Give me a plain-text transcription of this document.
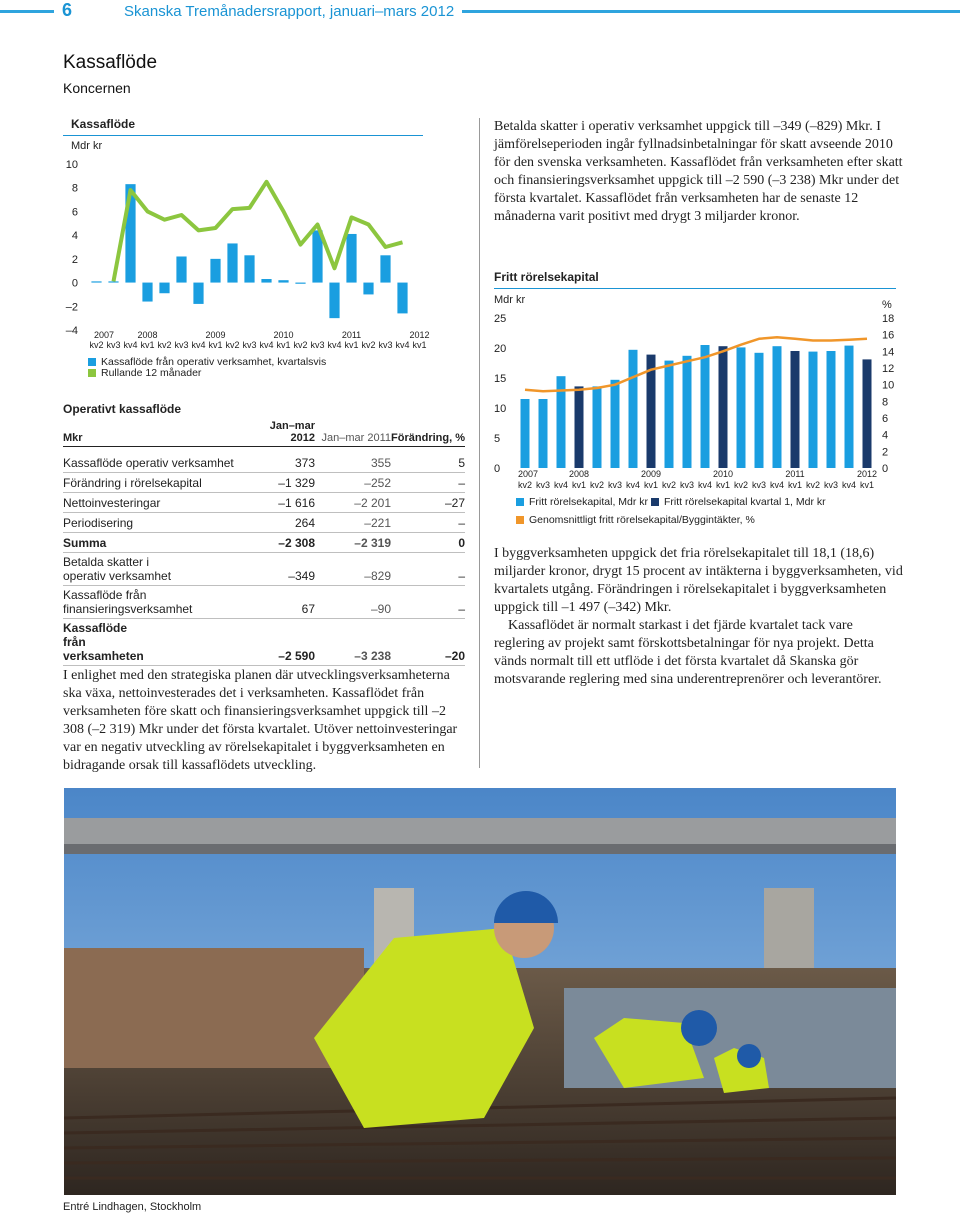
6	Skanska Tremånadersrapport, januari–mars 2012
Kassaflöde
Koncernen
Kassaflöde
Mdr kr
10
8
6
4
2
0
–2
–4 2007	2008	2009	2010	2011	2012
kv2 kv3 kv4 kv1 kv2 kv3 kv4 kv1 kv2 kv3 kv4 kv1 kv2 kv3 kv4 kv1 kv2 kv3 kv4 kv1
Kassaflöde från operativ verksamhet, kvartalsvis
Rullande 12 månader
Operativt kassaflöde
Mkr
Jan–mar 2012 Jan–mar 2011 Förändring, %
Kassaflöde operativ verksamhet	373	355	5
Förändring i rörelsekapital	–1 329	–252	–
Nettoinvesteringar	–1 616	–2 201	–27
Periodisering	264	–221	–
Summa	–2 308	–2 319	0
Betalda skatter i operativ verksamhet	–349	–829	–
Kassaflöde från finansieringsverksamhet	67	–90	–
Kassaflöde från verksamheten	–2 590	–3 238	–20
I enlighet med den strategiska planen där utvecklingsverksamheterna ska växa, nettoinvesterades det i verksamheten. Kassaflödet från verksamheten före skatt och finansieringsverksamhet uppgick till –2 308 (–2 319) Mkr under det första kvartalet. Utöver nettoinvesteringar var en negativ utveckling av rörelsekapitalet i byggverksamheten en bidragande orsak till kassaflödets utveckling.
Betalda skatter i operativ verksamhet uppgick till –349 (–829) Mkr. I jämförelseperioden ingår fyllnadsinbetalningar för skatt avseende 2010 för den svenska verksamheten. Kassaflödet från verksamheten efter skatt och finansieringsverksamhet uppgick till –2 590 (–3 238) Mkr under det första kvartalet. Kassaflödet från verksamheten har de senaste 12 månaderna varit positivt med drygt 3 miljarder kronor.
Fritt rörelsekapital
Mdr kr
25
20
15
10
5
0
%
18
16
14
12
10
8
6
4
2
0
2007	2008	2009	2010	2011	2012
kv2 kv3 kv4 kv1 kv2 kv3 kv4 kv1 kv2 kv3 kv4 kv1 kv2 kv3 kv4 kv1 kv2 kv3 kv4 kv1
Fritt rörelsekapital, Mdr kr Fritt rörelsekapital kvartal 1, Mdr kr
Genomsnittligt fritt rörelsekapital/Byggintäkter, %
I byggverksamheten uppgick det fria rörelsekapitalet till 18,1 (18,6) miljarder kronor, drygt 15 procent av intäkterna i byggverksamheten, vid kvartalets utgång. Förändringen i rörelsekapitalet i byggverksamheten uppgick till –1 497 (–342) Mkr.
Kassaflödet är normalt starkast i det fjärde kvartalet tack vare reglering av projekt samt förskottsbetalningar för nya projekt. Detta vänds normalt till ett utflöde i det första kvartalet då Skanska gör motsvarande reglering med sina underentreprenörer och leverantörer.
Entré Lindhagen, Stockholm
